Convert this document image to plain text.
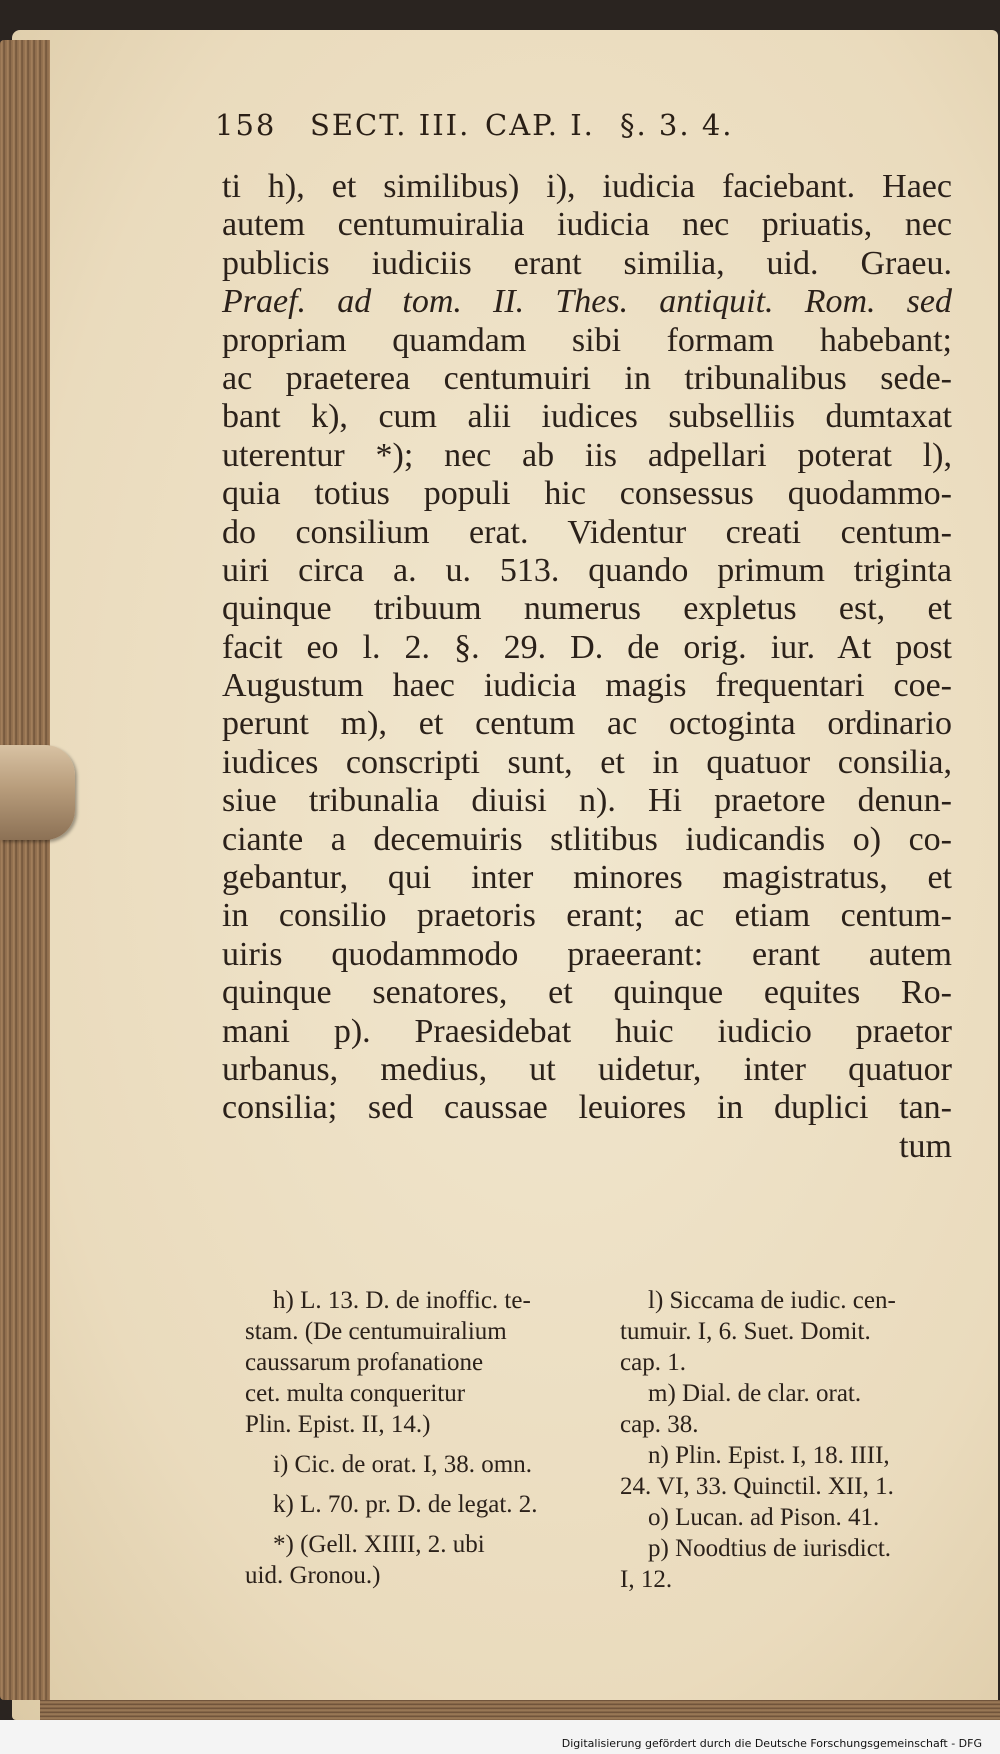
158 SECT. III. CAP. I. §. 3. 4.
ti h), et similibus) i), iudicia faciebant. Haec
autem centumuiralia iudicia nec priuatis, nec
publicis iudiciis erant similia, uid. Graeu.
Praef. ad tom. II. Thes. antiquit. Rom. sed
propriam quamdam sibi formam habebant;
ac praeterea centumuiri in tribunalibus sede-
bant k), cum alii iudices subselliis dumtaxat
uterentur *); nec ab iis adpellari poterat l),
quia totius populi hic consessus quodammo-
do consilium erat. Videntur creati centum-
uiri circa a. u. 513. quando primum triginta
quinque tribuum numerus expletus est, et
facit eo l. 2. §. 29. D. de orig. iur. At post
Augustum haec iudicia magis frequentari coe-
perunt m), et centum ac octoginta ordinario
iudices conscripti sunt, et in quatuor consilia,
siue tribunalia diuisi n). Hi praetore denun-
ciante a decemuiris stlitibus iudicandis o) co-
gebantur, qui inter minores magistratus, et
in consilio praetoris erant; ac etiam centum-
uiris quodammodo praeerant: erant autem
quinque senatores, et quinque equites Ro-
mani p). Praesidebat huic iudicio praetor
urbanus, medius, ut uidetur, inter quatuor
consilia; sed caussae leuiores in duplici tan-
tum
h) L. 13. D. de inoffic. te-
stam. (De centumuiralium
caussarum profanatione
cet. multa conqueritur
Plin. Epist. II, 14.)
i) Cic. de orat. I, 38. omn.
k) L. 70. pr. D. de legat. 2.
*) (Gell. XIIII, 2. ubi
uid. Gronou.)
l) Siccama de iudic. cen-
tumuir. I, 6. Suet. Domit.
cap. 1.
m) Dial. de clar. orat.
cap. 38.
n) Plin. Epist. I, 18. IIII,
24. VI, 33. Quinctil. XII, 1.
o) Lucan. ad Pison. 41.
p) Noodtius de iurisdict.
I, 12.
Digitalisierung gefördert durch die Deutsche Forschungsgemeinschaft - DFG
